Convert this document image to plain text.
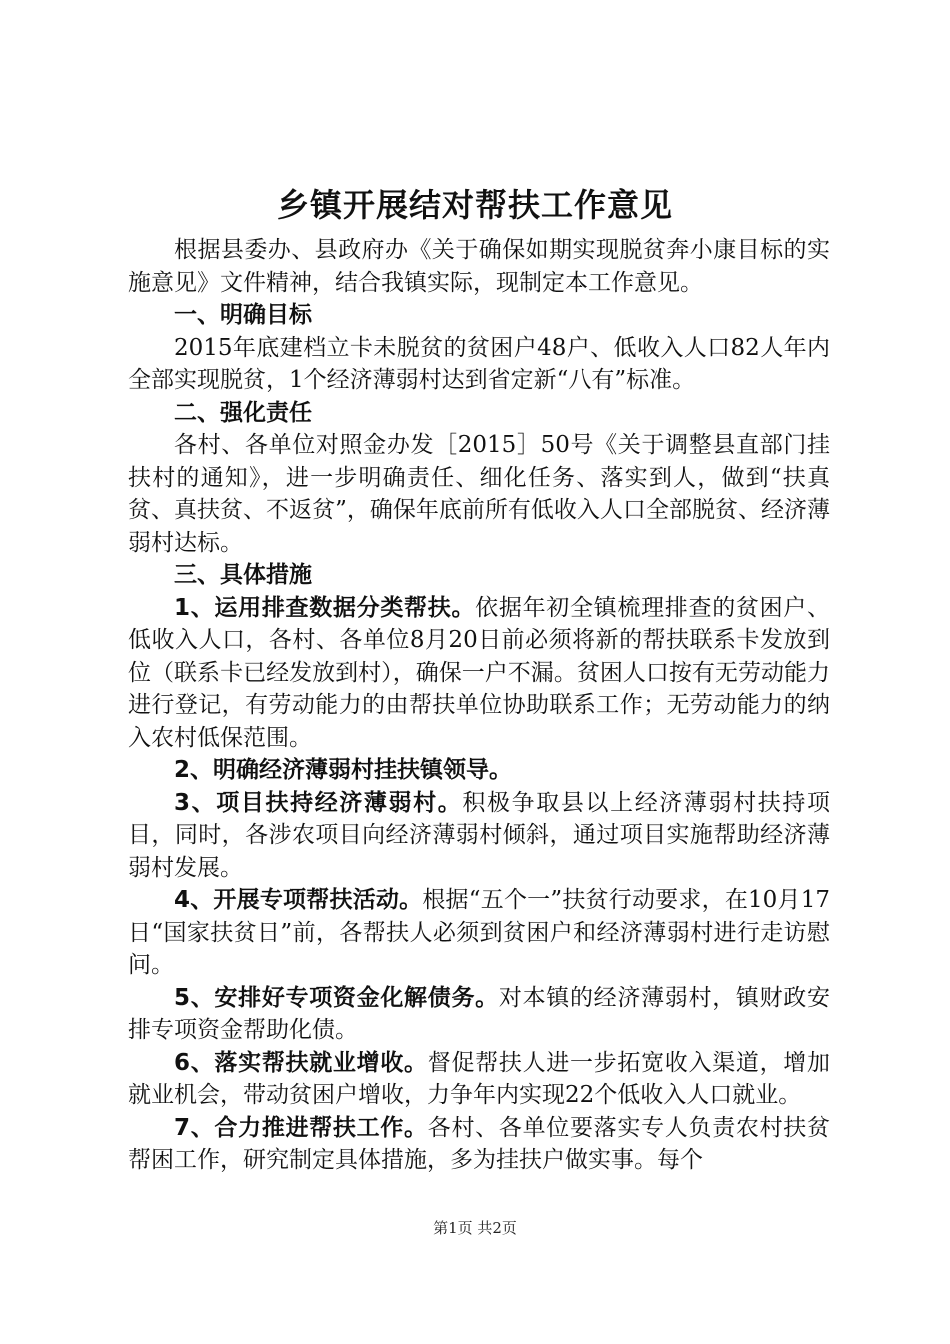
乡镇开展结对帮扶工作意见

根据县委办、县政府办《关于确保如期实现脱贫奔小康目标的实施意见》文件精神，结合我镇实际，现制定本工作意见。

一、明确目标

2015年底建档立卡未脱贫的贫困户48户、低收入人口82人年内全部实现脱贫，1个经济薄弱村达到省定新“八有”标准。

二、强化责任

各村、各单位对照金办发［2015］50号《关于调整县直部门挂扶村的通知》，进一步明确责任、细化任务、落实到人，做到“扶真贫、真扶贫、不返贫”，确保年底前所有低收入人口全部脱贫、经济薄弱村达标。

三、具体措施

1、运用排查数据分类帮扶。依据年初全镇梳理排查的贫困户、低收入人口，各村、各单位8月20日前必须将新的帮扶联系卡发放到位（联系卡已经发放到村），确保一户不漏。贫困人口按有无劳动能力进行登记，有劳动能力的由帮扶单位协助联系工作；无劳动能力的纳入农村低保范围。

2、明确经济薄弱村挂扶镇领导。

3、项目扶持经济薄弱村。积极争取县以上经济薄弱村扶持项目，同时，各涉农项目向经济薄弱村倾斜，通过项目实施帮助经济薄弱村发展。

4、开展专项帮扶活动。根据“五个一”扶贫行动要求，在10月17日“国家扶贫日”前，各帮扶人必须到贫困户和经济薄弱村进行走访慰问。

5、安排好专项资金化解债务。对本镇的经济薄弱村，镇财政安排专项资金帮助化债。

6、落实帮扶就业增收。督促帮扶人进一步拓宽收入渠道，增加就业机会，带动贫困户增收，力争年内实现22个低收入人口就业。

7、合力推进帮扶工作。各村、各单位要落实专人负责农村扶贫帮困工作，研究制定具体措施，多为挂扶户做实事。每个

第1页 共2页
